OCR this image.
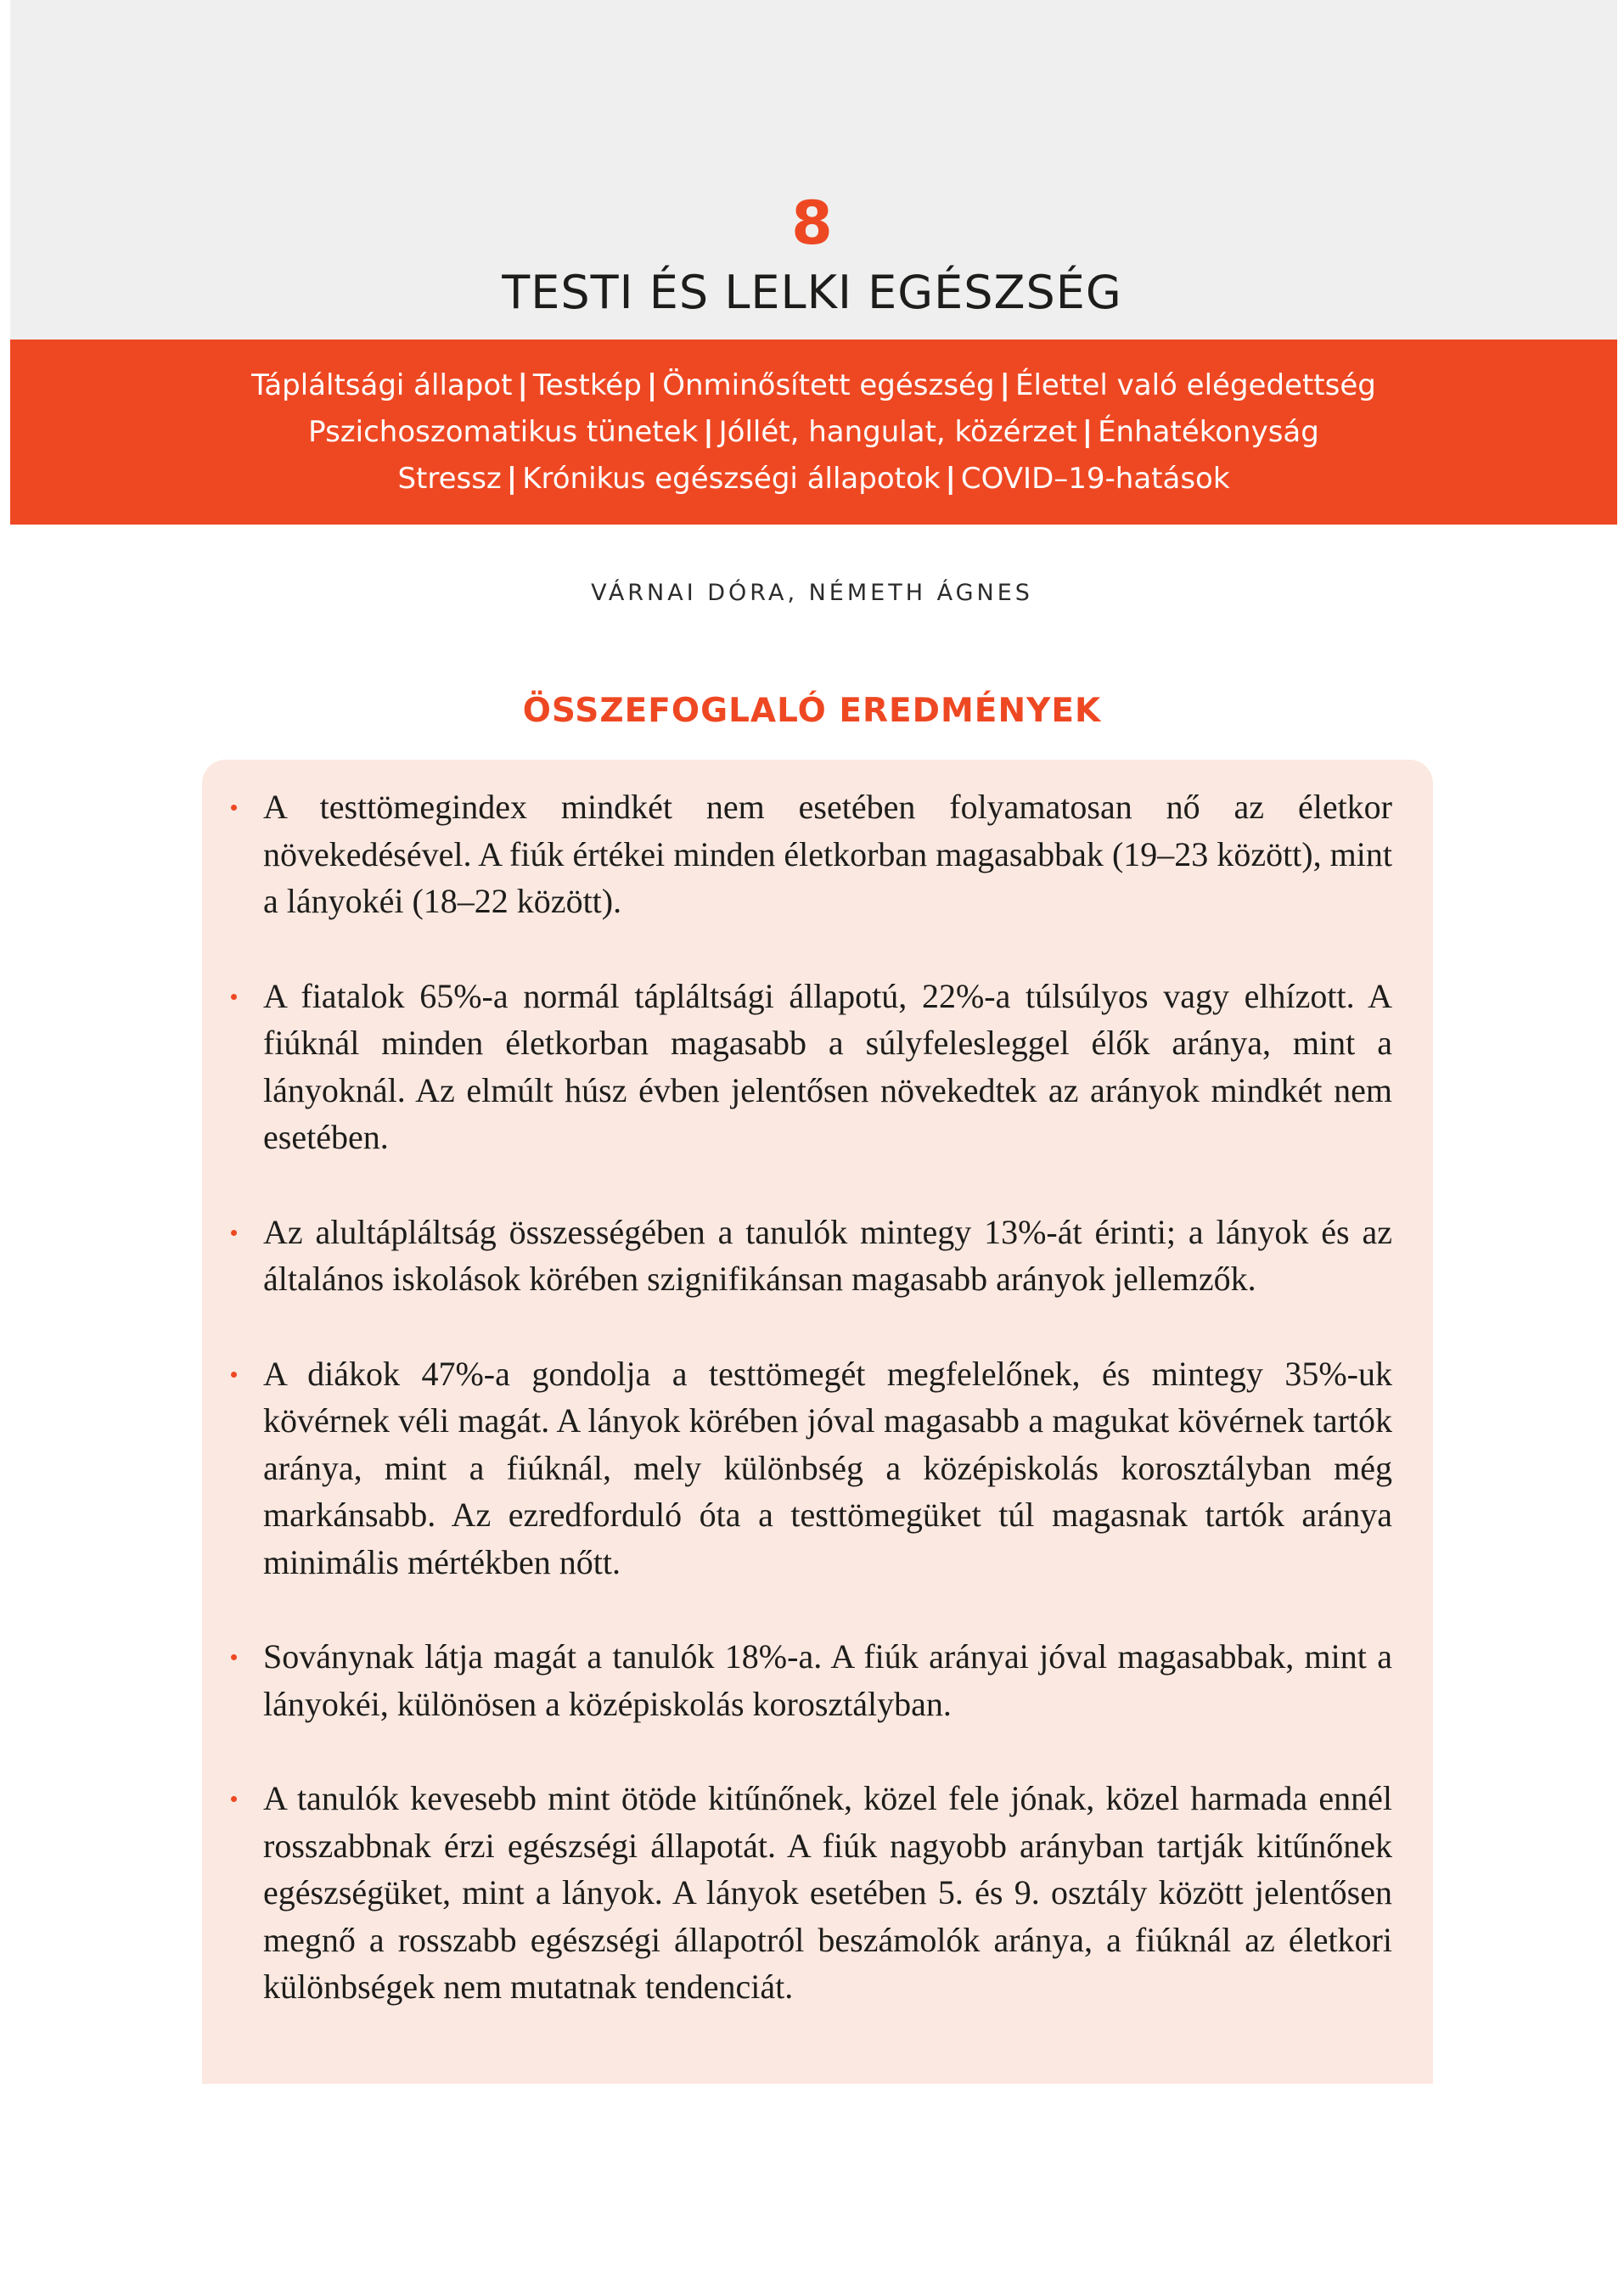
8
TESTI ÉS LELKI EGÉSZSÉG
Tápláltsági állapot | Testkép | Önminősített egészség | Élettel való elégedettség
Pszichoszomatikus tünetek | Jóllét, hangulat, közérzet | Énhatékonyság
Stressz | Krónikus egészségi állapotok | COVID–19-hatások
VÁRNAI DÓRA, NÉMETH ÁGNES
ÖSSZEFOGLALÓ EREDMÉNYEK
A testtömegindex mindkét nem esetében folyamatosan nő az életkor növekedésével. A fiúk értékei minden életkorban magasabbak (19–23 között), mint a lányokéi (18–22 között).
A fiatalok 65%-a normál tápláltsági állapotú, 22%-a túlsúlyos vagy elhízott. A fiúknál minden életkorban magasabb a súlyfelesleggel élők aránya, mint a lányoknál. Az elmúlt húsz évben jelentősen növekedtek az arányok mindkét nem esetében.
Az alultápláltság összességében a tanulók mintegy 13%-át érinti; a lányok és az általános iskolások körében szignifikánsan magasabb arányok jellemzők.
A diákok 47%-a gondolja a testtömegét megfelelőnek, és mintegy 35%-uk kövérnek véli magát. A lányok körében jóval magasabb a magukat kövérnek tartók aránya, mint a fiúknál, mely különbség a középiskolás korosztályban még markánsabb. Az ezredforduló óta a testtömegüket túl magasnak tartók aránya minimális mértékben nőtt.
Soványnak látja magát a tanulók 18%-a. A fiúk arányai jóval magasabbak, mint a lányokéi, különösen a középiskolás korosztályban.
A tanulók kevesebb mint ötöde kitűnőnek, közel fele jónak, közel harmada ennél rosszabbnak érzi egészségi állapotát. A fiúk nagyobb arányban tartják kitűnőnek egészségüket, mint a lányok. A lányok esetében 5. és 9. osztály között jelentősen megnő a rosszabb egészségi állapotról beszámolók aránya, a fiúknál az életkori különbségek nem mutatnak tendenciát.
